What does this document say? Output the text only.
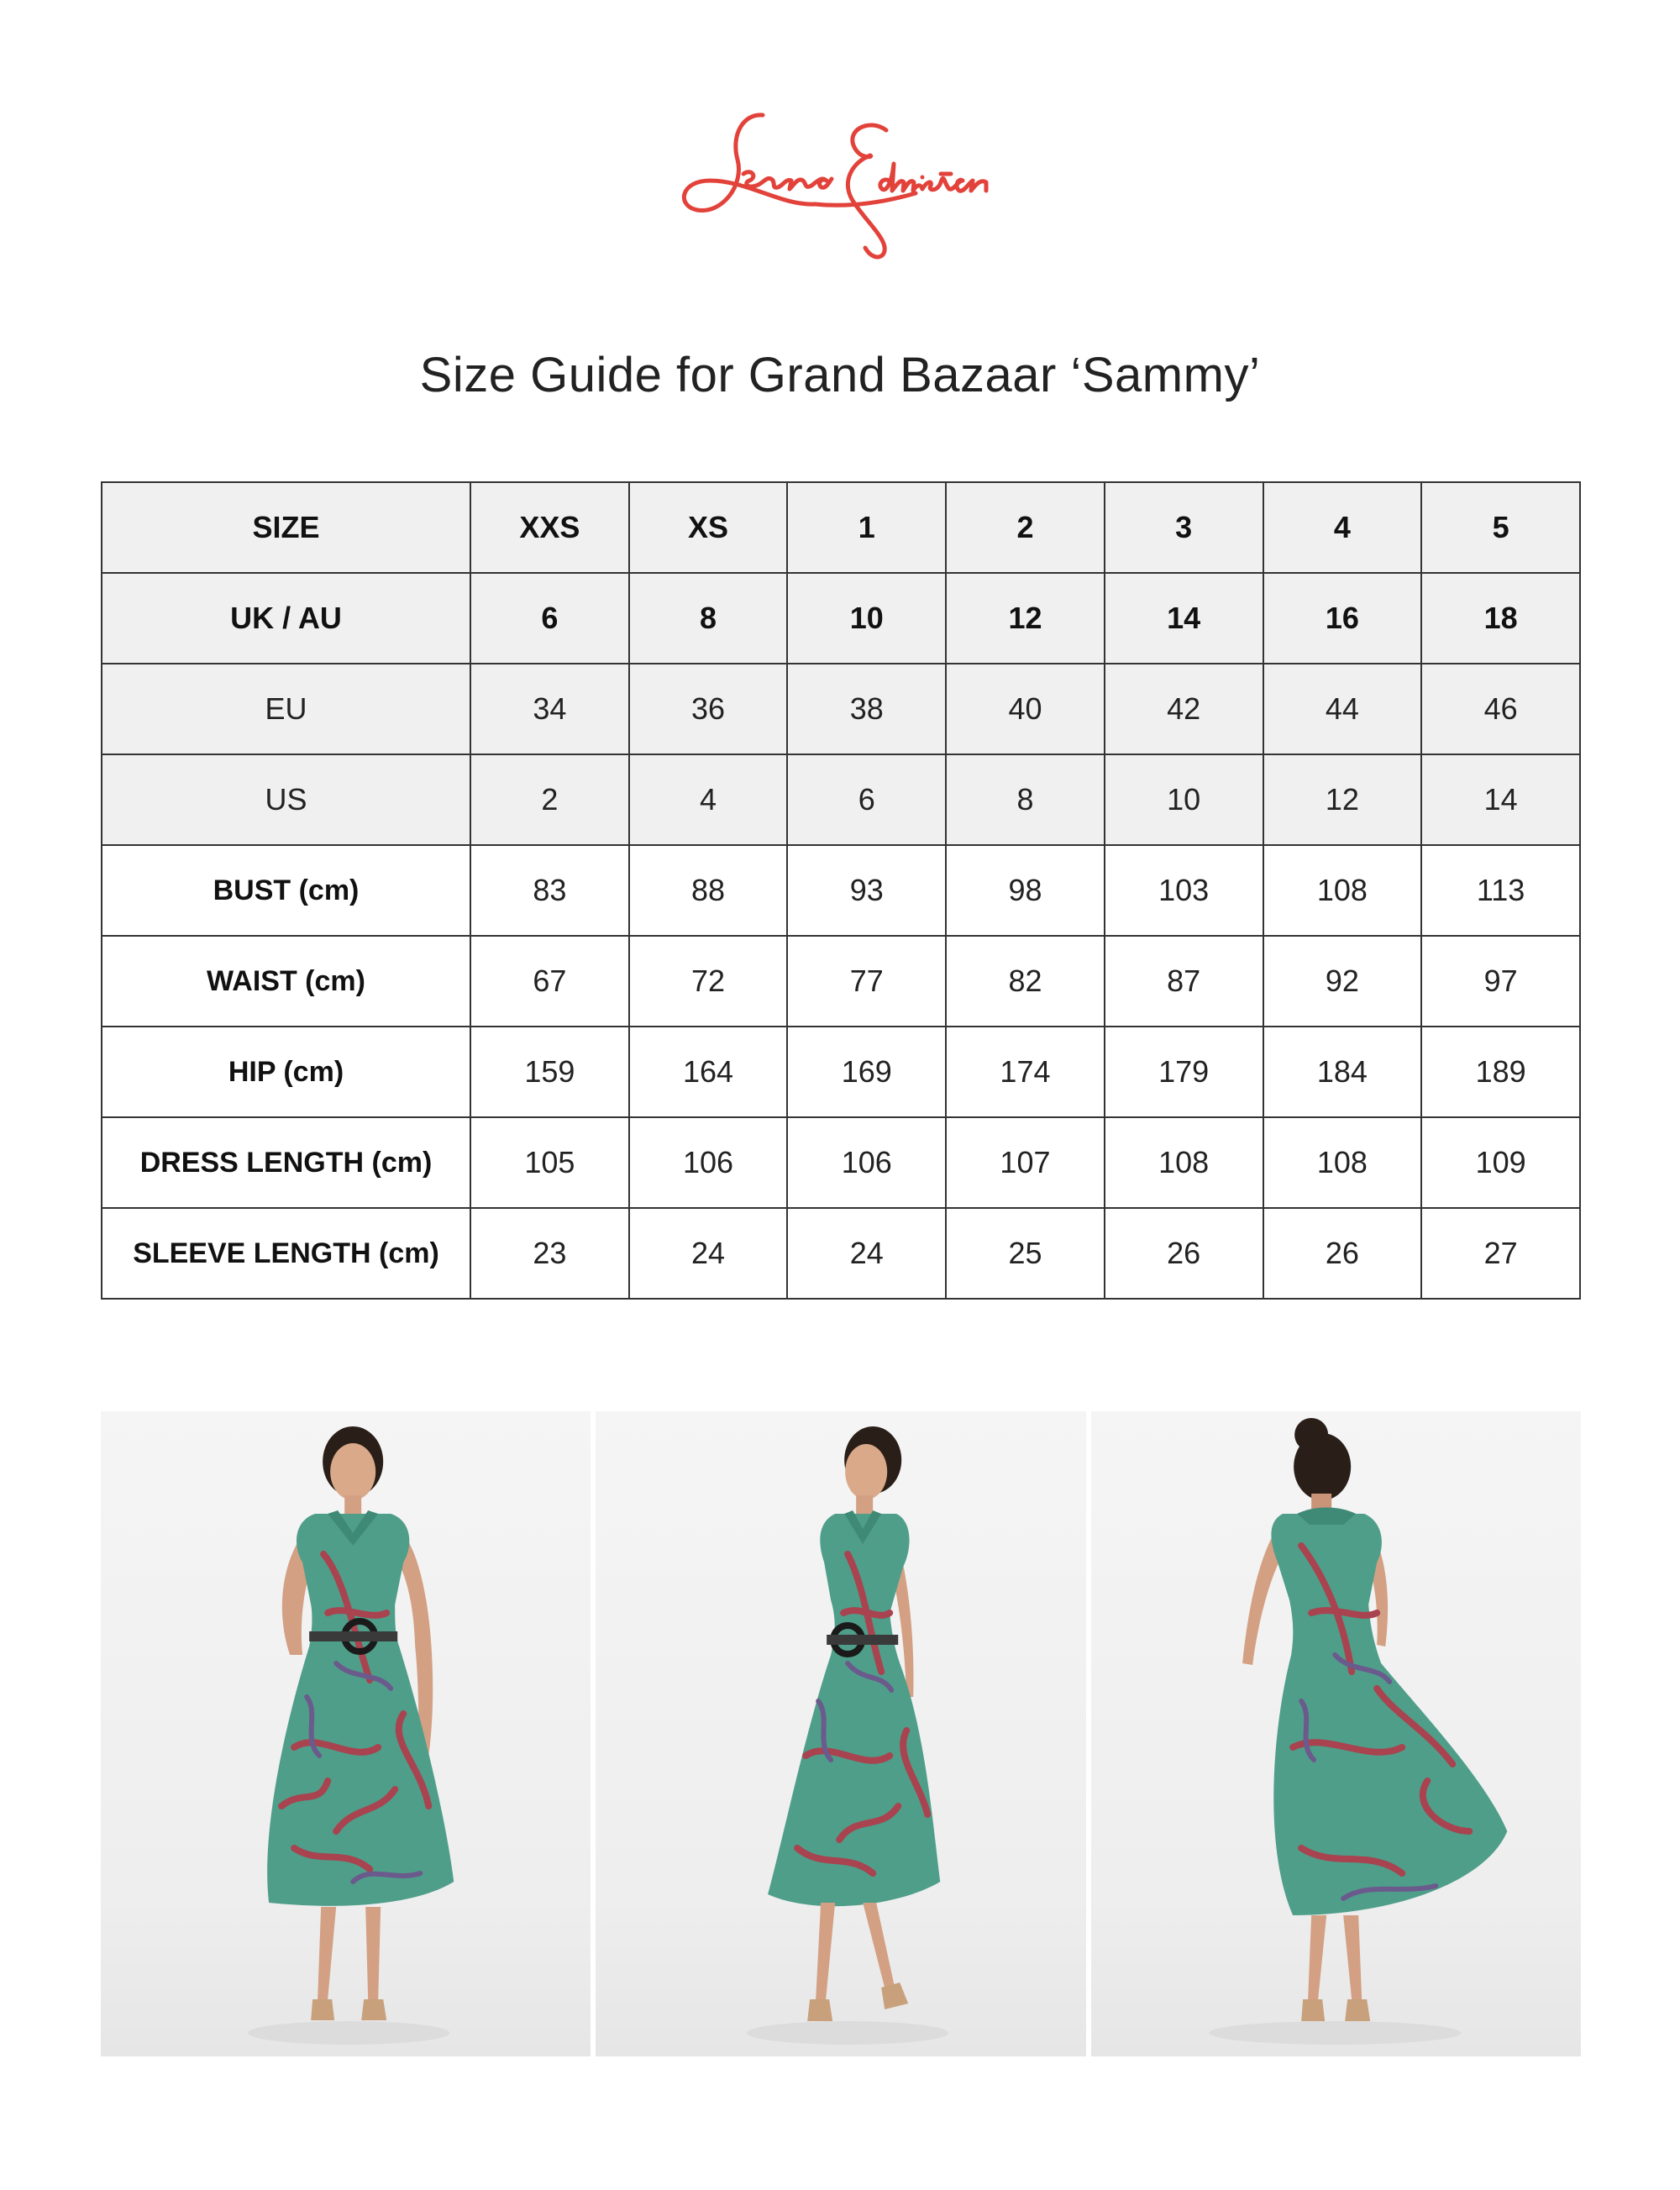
Size Guide for Grand Bazaar ‘Sammy’
SIZE	XXS	XS	1	2	3	4	5
UK / AU	6	8	10	12	14	16	18
EU	34	36	38	40	42	44	46
US	2	4	6	8	10	12	14
BUST (cm)	83	88	93	98	103	108	113
WAIST (cm)	67	72	77	82	87	92	97
HIP (cm)	159	164	169	174	179	184	189
DRESS LENGTH (cm)	105	106	106	107	108	108	109
SLEEVE LENGTH (cm)	23	24	24	25	26	26	27
